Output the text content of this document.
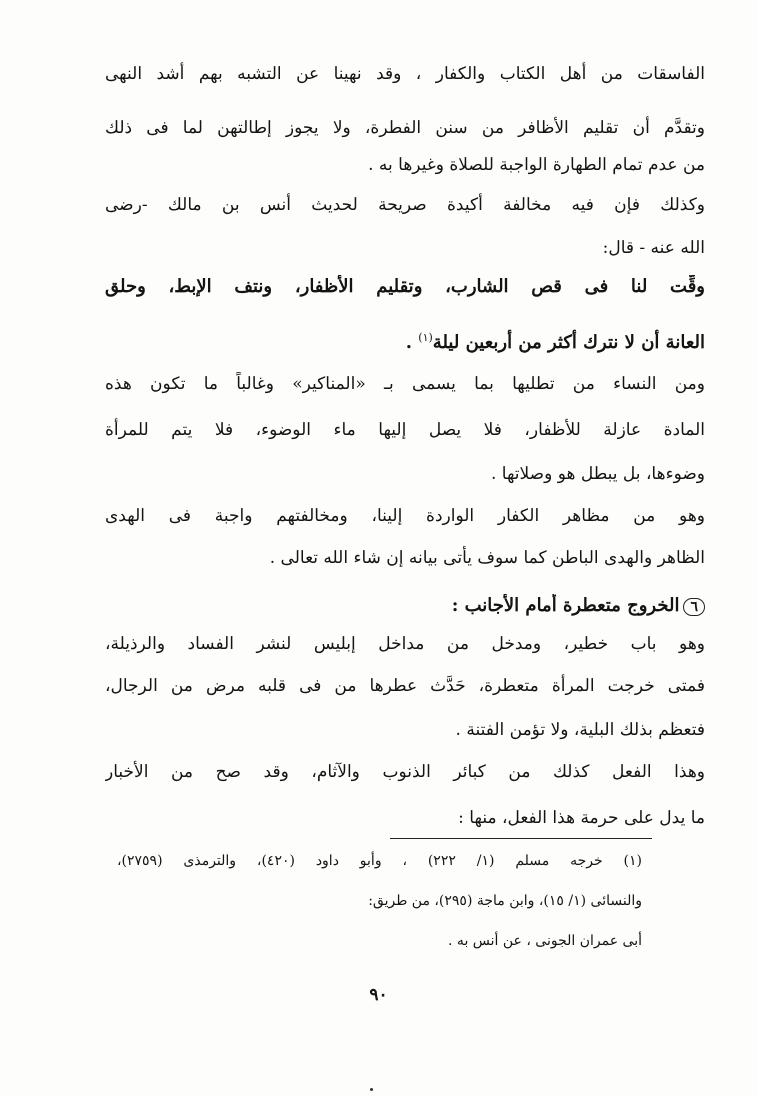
الفاسقات من أهل الكتاب والكفار ، وقد نهينا عن التشبه بهم أشد النهى
وتقدَّم أن تقليم الأظافر من سنن الفطرة، ولا يجوز إطالتهن لما فى ذلك
من عدم تمام الطهارة الواجبة للصلاة وغيرها به .
وكذلك فإن فيه مخالفة أكيدة صريحة لحديث أنس بن مالك -رضى
الله عنه - قال:
وقِّت لنا فى قص الشارب، وتقليم الأظفار، ونتف الإبط، وحلق
العانة أن لا نترك أكثر من أربعين ليلة$^{(١)}$ .
ومن النساء من تطليها بما يسمى بـ «المناكير» وغالباً ما تكون هذه
المادة عازلة للأظفار، فلا يصل إليها ماء الوضوء، فلا يتم للمرأة
وضوءها، بل يبطل هو وصلاتها .
وهو من مظاهر الكفار الواردة إلينا، ومخالفتهم واجبة فى الهدى
الظاهر والهدى الباطن كما سوف يأتى بيانه إن شاء الله تعالى .
٦الخروج متعطرة أمام الأجانب :
وهو باب خطير، ومدخل من مداخل إبليس لنشر الفساد والرذيلة،
فمتى خرجت المرأة متعطرة، حَدَّث عطرها من فى قلبه مرض من الرجال،
فتعظم بذلك البلية، ولا تؤمن الفتنة .
وهذا الفعل كذلك من كبائر الذنوب والآثام، وقد صح من الأخبار
ما يدل على حرمة هذا الفعل، منها :
(١) خرجه مسلم (١/ ٢٢٢) ، وأبو داود (٤٢٠)، والترمذى (٢٧٥٩)،
والنسائى (١/ ١٥)، وابن ماجة (٢٩٥)، من طريق:
أبى عمران الجونى ، عن أنس به .
٩٠
